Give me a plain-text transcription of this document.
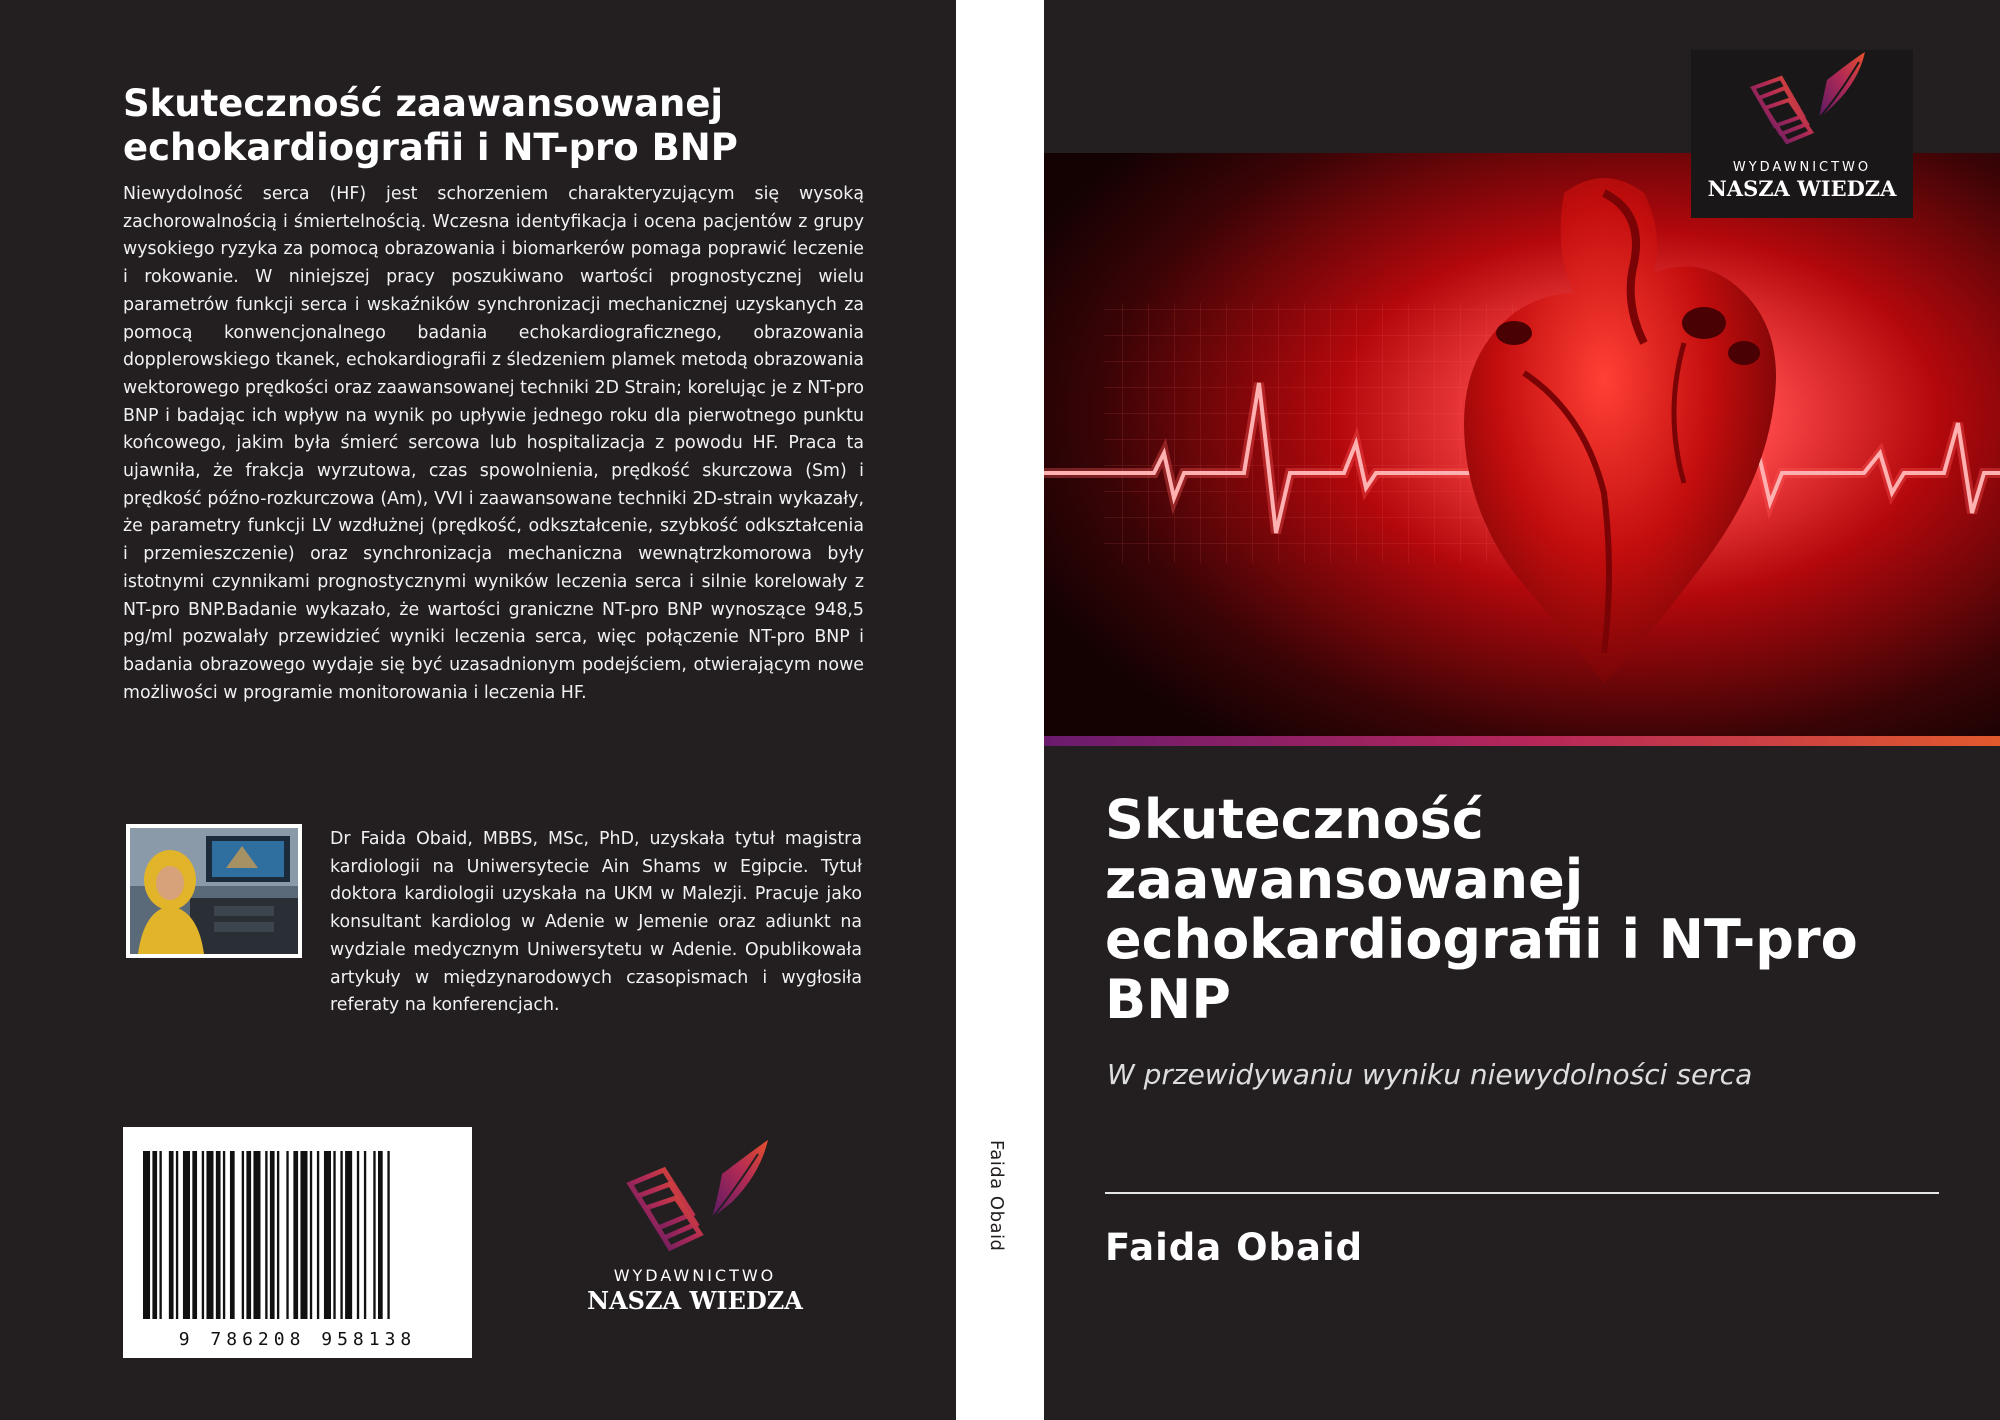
Skuteczność zaawansowanej echokardiografii i NT-pro BNP

Niewydolność serca (HF) jest schorzeniem charakteryzującym się wysoką zachorowalnością i śmiertelnością. Wczesna identyfikacja i ocena pacjentów z grupy wysokiego ryzyka za pomocą obrazowania i biomarkerów pomaga poprawić leczenie i rokowanie. W niniejszej pracy poszukiwano wartości prognostycznej wielu parametrów funkcji serca i wskaźników synchronizacji mechanicznej uzyskanych za pomocą konwencjonalnego badania echokardiograficznego, obrazowania dopplerowskiego tkanek, echokardiografii z śledzeniem plamek metodą obrazowania wektorowego prędkości oraz zaawansowanej techniki 2D Strain; korelując je z NT-pro BNP i badając ich wpływ na wynik po upływie jednego roku dla pierwotnego punktu końcowego, jakim była śmierć sercowa lub hospitalizacja z powodu HF. Praca ta ujawniła, że frakcja wyrzutowa, czas spowolnienia, prędkość skurczowa (Sm) i prędkość późno-rozkurczowa (Am), VVI i zaawansowane techniki 2D-strain wykazały, że parametry funkcji LV wzdłużnej (prędkość, odkształcenie, szybkość odkształcenia i przemieszczenie) oraz synchronizacja mechaniczna wewnątrzkomorowa były istotnymi czynnikami prognostycznymi wyników leczenia serca i silnie korelowały z NT-pro BNP.Badanie wykazało, że wartości graniczne NT-pro BNP wynoszące 948,5 pg/ml pozwalały przewidzieć wyniki leczenia serca, więc połączenie NT-pro BNP i badania obrazowego wydaje się być uzasadnionym podejściem, otwierającym nowe możliwości w programie monitorowania i leczenia HF.

Dr Faida Obaid, MBBS, MSc, PhD, uzyskała tytuł magistra kardiologii na Uniwersytecie Ain Shams w Egipcie. Tytuł doktora kardiologii uzyskała na UKM w Malezji. Pracuje jako konsultant kardiolog w Adenie w Jemenie oraz adiunkt na wydziale medycznym Uniwersytetu w Adenie. Opublikowała artykuły w międzynarodowych czasopismach i wygłosiła referaty na konferencjach.

9 786208 958138
WYDAWNICTWO
NASZA WIEDZA
Faida Obaid
WYDAWNICTWO
NASZA WIEDZA
Skuteczność zaawansowanej echokardiografii i NT-pro BNP
W przewidywaniu wyniku niewydolności serca
Faida Obaid
